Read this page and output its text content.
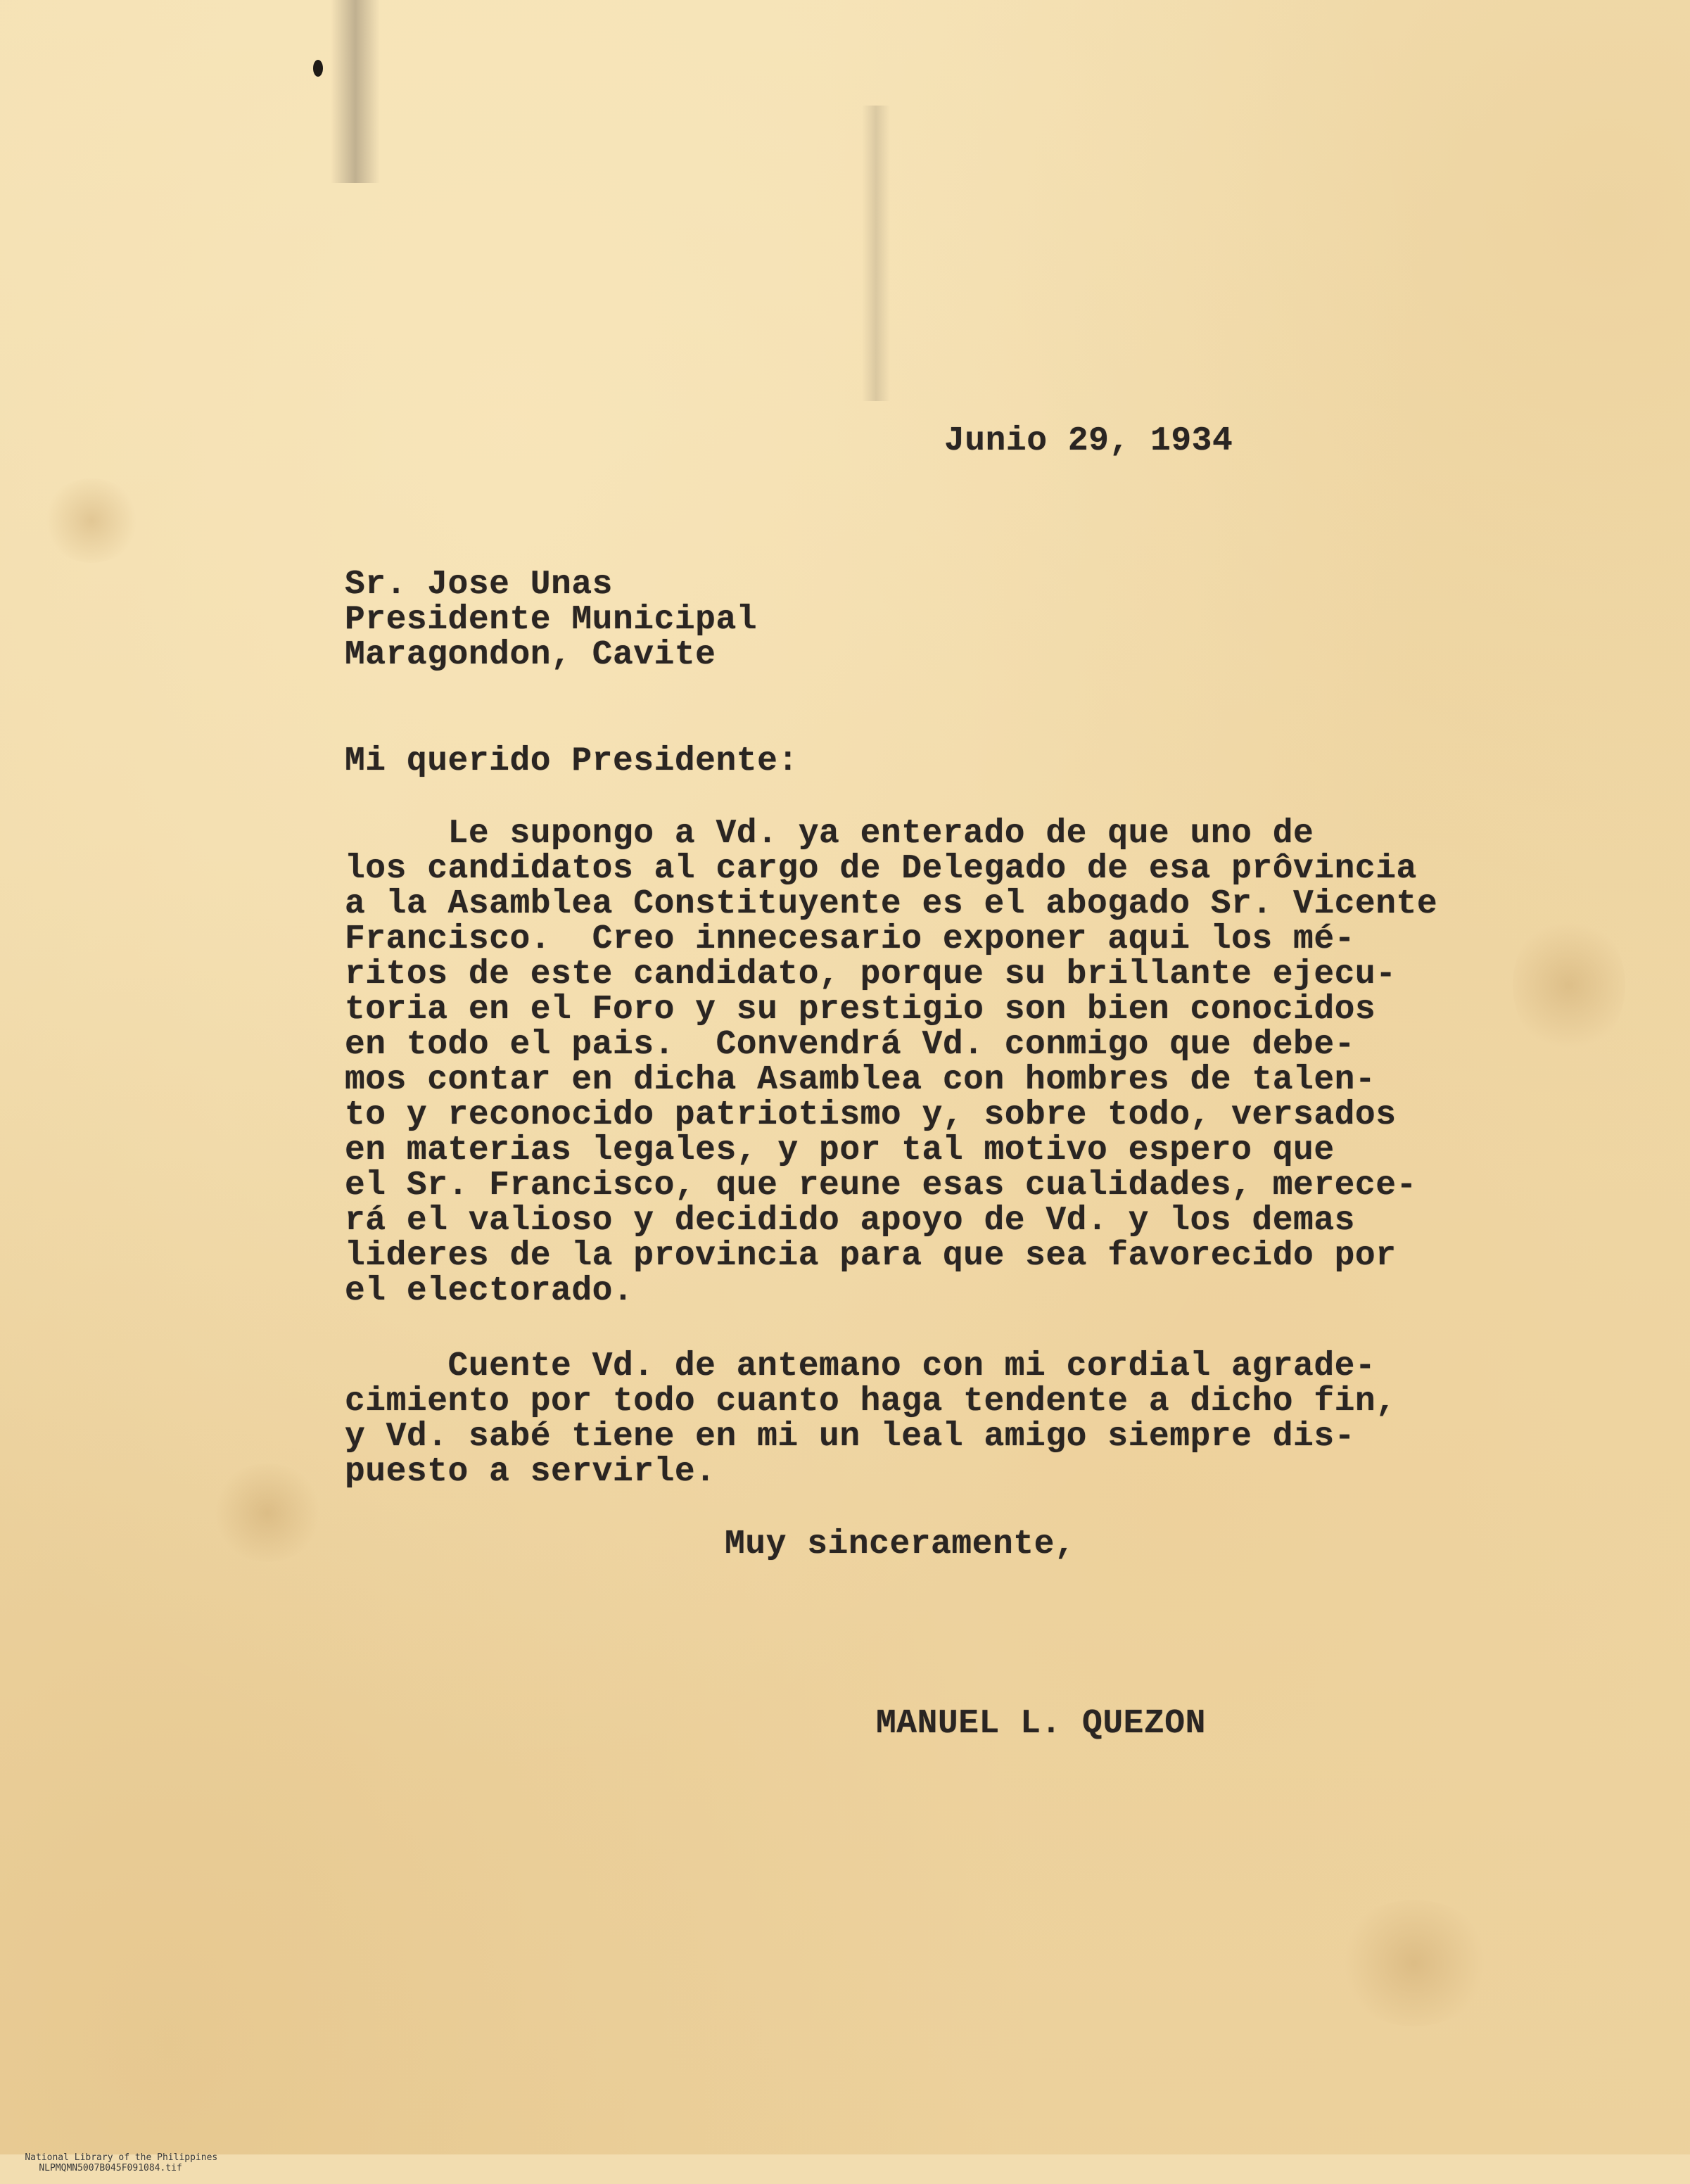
Junio 29, 1934

Sr. Jose Unas

Presidente Municipal

Maragondon, Cavite

Mi querido Presidente:

Le supongo a Vd. ya enterado de que uno de

los candidatos al cargo de Delegado de esa prôvincia

a la Asamblea Constituyente es el abogado Sr. Vicente

Francisco.  Creo innecesario exponer aqui los mé-

ritos de este candidato, porque su brillante ejecu-

toria en el Foro y su prestigio son bien conocidos

en todo el pais.  Convendrá Vd. conmigo que debe-

mos contar en dicha Asamblea con hombres de talen-

to y reconocido patriotismo y, sobre todo, versados

en materias legales, y por tal motivo espero que

el Sr. Francisco, que reune esas cualidades, merece-

rá el valioso y decidido apoyo de Vd. y los demas

lideres de la provincia para que sea favorecido por

el electorado.

Cuente Vd. de antemano con mi cordial agrade-

cimiento por todo cuanto haga tendente a dicho fin,

y Vd. sabé tiene en mi un leal amigo siempre dis-

puesto a servirle.

Muy sinceramente,

MANUEL L. QUEZON

National Library of the Philippines
NLPMQMN5007B045F091084.tif
